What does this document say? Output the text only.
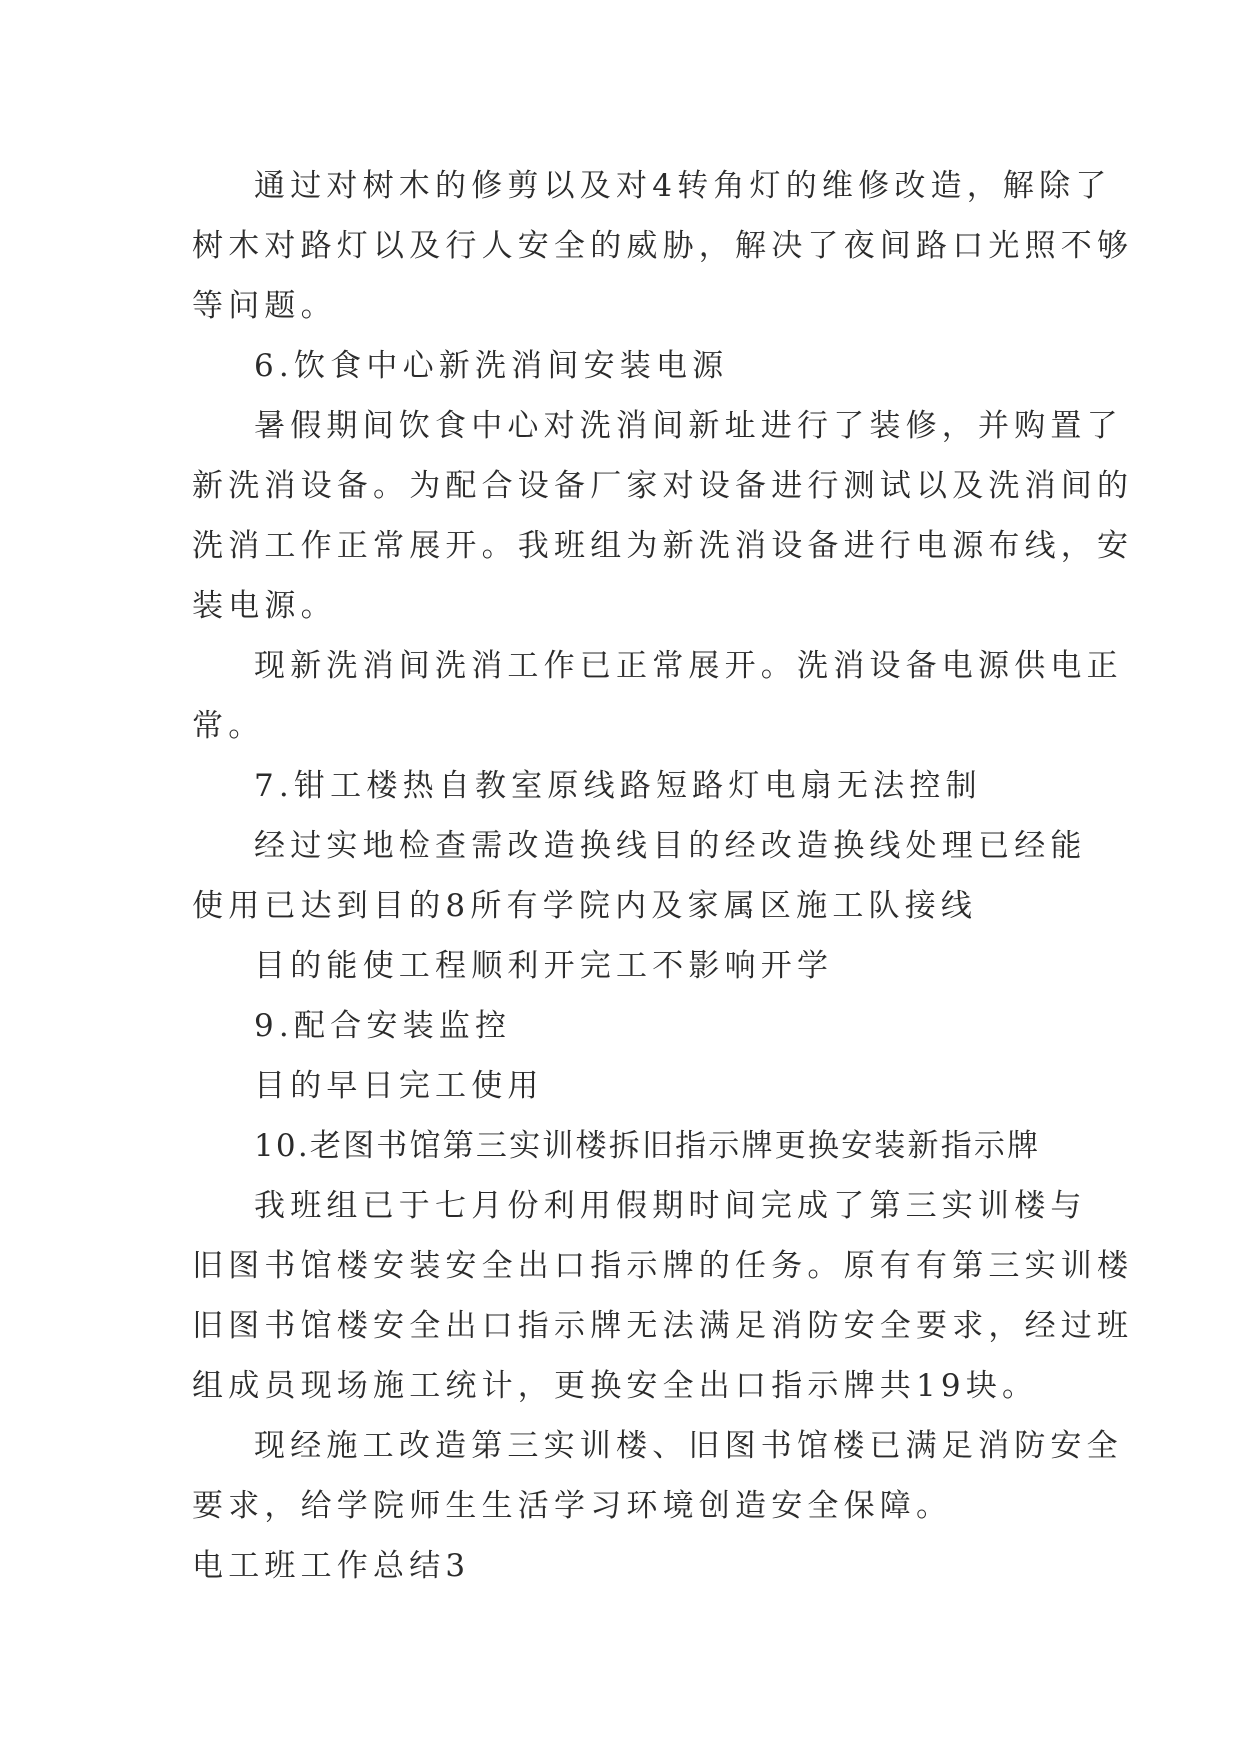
通过对树木的修剪以及对4转角灯的维修改造，解除了
树木对路灯以及行人安全的威胁，解决了夜间路口光照不够
等问题。
6.饮食中心新洗消间安装电源
暑假期间饮食中心对洗消间新址进行了装修，并购置了
新洗消设备。为配合设备厂家对设备进行测试以及洗消间的
洗消工作正常展开。我班组为新洗消设备进行电源布线，安
装电源。
现新洗消间洗消工作已正常展开。洗消设备电源供电正
常。
7.钳工楼热自教室原线路短路灯电扇无法控制
经过实地检查需改造换线目的经改造换线处理已经能
使用已达到目的8所有学院内及家属区施工队接线
目的能使工程顺利开完工不影响开学
9.配合安装监控
目的早日完工使用
10.老图书馆第三实训楼拆旧指示牌更换安装新指示牌
我班组已于七月份利用假期时间完成了第三实训楼与
旧图书馆楼安装安全出口指示牌的任务。原有有第三实训楼
旧图书馆楼安全出口指示牌无法满足消防安全要求，经过班
组成员现场施工统计，更换安全出口指示牌共19块。
现经施工改造第三实训楼、旧图书馆楼已满足消防安全
要求，给学院师生生活学习环境创造安全保障。
电工班工作总结3
